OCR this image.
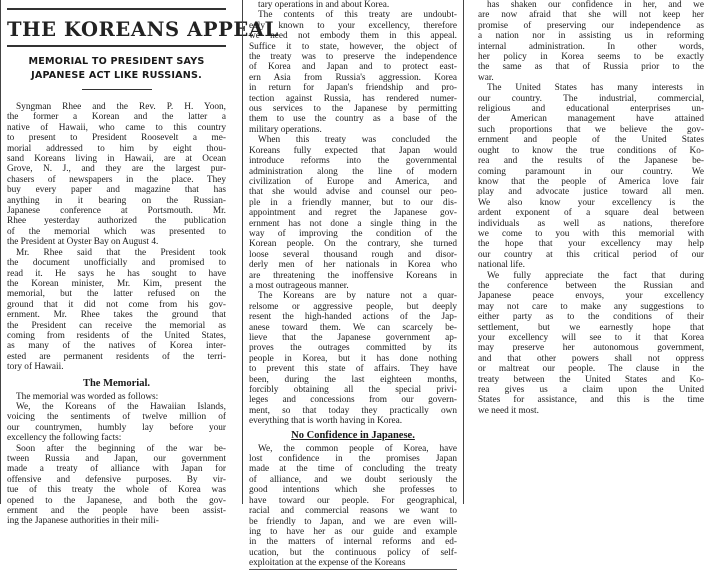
THE KOREANS APPEAL
MEMORIAL TO PRESIDENT SAYS
JAPANESE ACT LIKE RUSSIANS.
Syngman Rhee and the Rev. P. H. Yoon,
the former a Korean and the latter a
native of Hawaii, who came to this country
to present to President Roosevelt a me-
morial addressed to him by eight thou-
sand Koreans living in Hawaii, are at Ocean
Grove, N. J., and they are the largest pur-
chasers of newspapers in the place. They
buy every paper and magazine that has
anything in it bearing on the Russian-
Japanese conference at Portsmouth. Mr.
Rhee yesterday authorized the publication
of the memorial which was presented to
the President at Oyster Bay on August 4.
Mr. Rhee said that the President took
the document unofficially and promised to
read it. He says he has sought to have
the Korean minister, Mr. Kim, present the
memorial, but the latter refused on the
ground that it did not come from his gov-
ernment. Mr. Rhee takes the ground that
the President can receive the memorial as
coming from residents of the United States,
as many of the natives of Korea inter-
ested are permanent residents of the terri-
tory of Hawaii.
The Memorial.
The memorial was worded as follows:
We, the Koreans of the Hawaiian Islands,
voicing the sentiments of twelve million of
our countrymen, humbly lay before your
excellency the following facts:
Soon after the beginning of the war be-
tween Russia and Japan, our government
made a treaty of alliance with Japan for
offensive and defensive purposes. By vir-
tue of this treaty the whole of Korea was
opened to the Japanese, and both the gov-
ernment and the people have been assist-
ing the Japanese authorities in their mili-
tary operations in and about Korea.
The contents of this treaty are undoubt-
edly known to your excellency, therefore
we need not embody them in this appeal.
Suffice it to state, however, the object of
the treaty was to preserve the independence
of Korea and Japan and to protect east-
ern Asia from Russia's aggression. Korea
in return for Japan's friendship and pro-
tection against Russia, has rendered numer-
ous services to the Japanese by permitting
them to use the country as a base of the
military operations.
When this treaty was concluded the
Koreans fully expected that Japan would
introduce reforms into the governmental
administration along the line of modern
civilization of Europe and America, and
that she would advise and counsel our peo-
ple in a friendly manner, but to our dis-
appointment and regret the Japanese gov-
ernment has not done a single thing in the
way of improving the condition of the
Korean people. On the contrary, she turned
loose several thousand rough and disor-
derly men of her nationals in Korea who
are threatening the inoffensive Koreans in
a most outrageous manner.
The Koreans are by nature not a quar-
relsome or aggressive people, but deeply
resent the high-handed actions of the Jap-
anese toward them. We can scarcely be-
lieve that the Japanese government ap-
proves the outrages committed by its
people in Korea, but it has done nothing
to prevent this state of affairs. They have
been, during the last eighteen months,
forcibly obtaining all the special privi-
leges and concessions from our govern-
ment, so that today they practically own
everything that is worth having in Korea.
No Confidence in Japanese.
We, the common people of Korea, have
lost confidence in the promises Japan
made at the time of concluding the treaty
of alliance, and we doubt seriously the
good intentions which she professes to
have toward our people. For geographical,
racial and commercial reasons we want to
be friendly to Japan, and we are even will-
ing to have her as our guide and example
in the matters of internal reforms and ed-
ucation, but the continuous policy of self-
exploitation at the expense of the Koreans
has shaken our confidence in her, and we
are now afraid that she will not keep her
promise of preserving our independence as
a nation nor in assisting us in reforming
internal administration. In other words,
her policy in Korea seems to be exactly
the same as that of Russia prior to the
war.
The United States has many interests in
our country. The industrial, commercial,
religious and educational enterprises un-
der American management have attained
such proportions that we believe the gov-
ernment and people of the United States
ought to know the true conditions of Ko-
rea and the results of the Japanese be-
coming paramount in our country. We
know that the people of America love fair
play and advocate justice toward all men.
We also know your excellency is the
ardent exponent of a square deal between
individuals as well as nations, therefore
we come to you with this memorial with
the hope that your excellency may help
our country at this critical period of our
national life.
We fully appreciate the fact that during
the conference between the Russian and
Japanese peace envoys, your excellency
may not care to make any suggestions to
either party as to the conditions of their
settlement, but we earnestly hope that
your excellency will see to it that Korea
may preserve her autonomous government,
and that other powers shall not oppress
or maltreat our people. The clause in the
treaty between the United States and Ko-
rea gives us a claim upon the United
States for assistance, and this is the time
we need it most.
